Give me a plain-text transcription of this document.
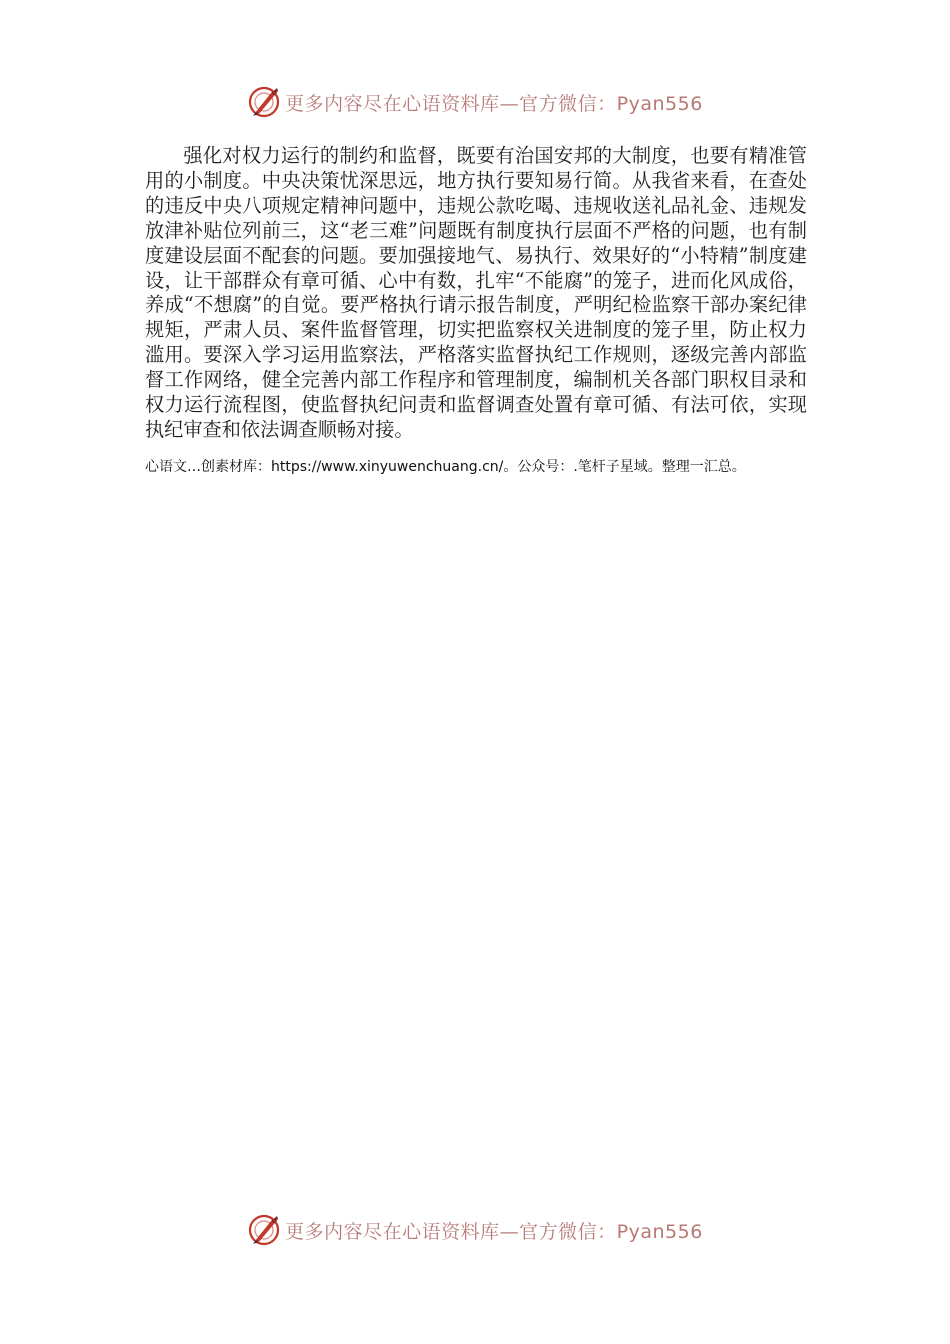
更多内容尽在心语资料库—官方微信：Pyan556

强化对权力运行的制约和监督，既要有治国安邦的大制度，也要有精准管用的小制度。中央决策忧深思远，地方执行要知易行简。从我省来看，在查处的违反中央八项规定精神问题中，违规公款吃喝、违规收送礼品礼金、违规发放津补贴位列前三，这“老三难”问题既有制度执行层面不严格的问题，也有制度建设层面不配套的问题。要加强接地气、易执行、效果好的“小特精”制度建设，让干部群众有章可循、心中有数，扎牢“不能腐”的笼子，进而化风成俗，养成“不想腐”的自觉。要严格执行请示报告制度，严明纪检监察干部办案纪律规矩，严肃人员、案件监督管理，切实把监察权关进制度的笼子里，防止权力滥用。要深入学习运用监察法，严格落实监督执纪工作规则，逐级完善内部监督工作网络，健全完善内部工作程序和管理制度，编制机关各部门职权目录和权力运行流程图，使监督执纪问责和监督调查处置有章可循、有法可依，实现执纪审查和依法调查顺畅对接。

心语文…创素材库：https://www.xinyuwenchuang.cn/。公众号：.笔杆子星域。整理一汇总。

更多内容尽在心语资料库—官方微信：Pyan556
